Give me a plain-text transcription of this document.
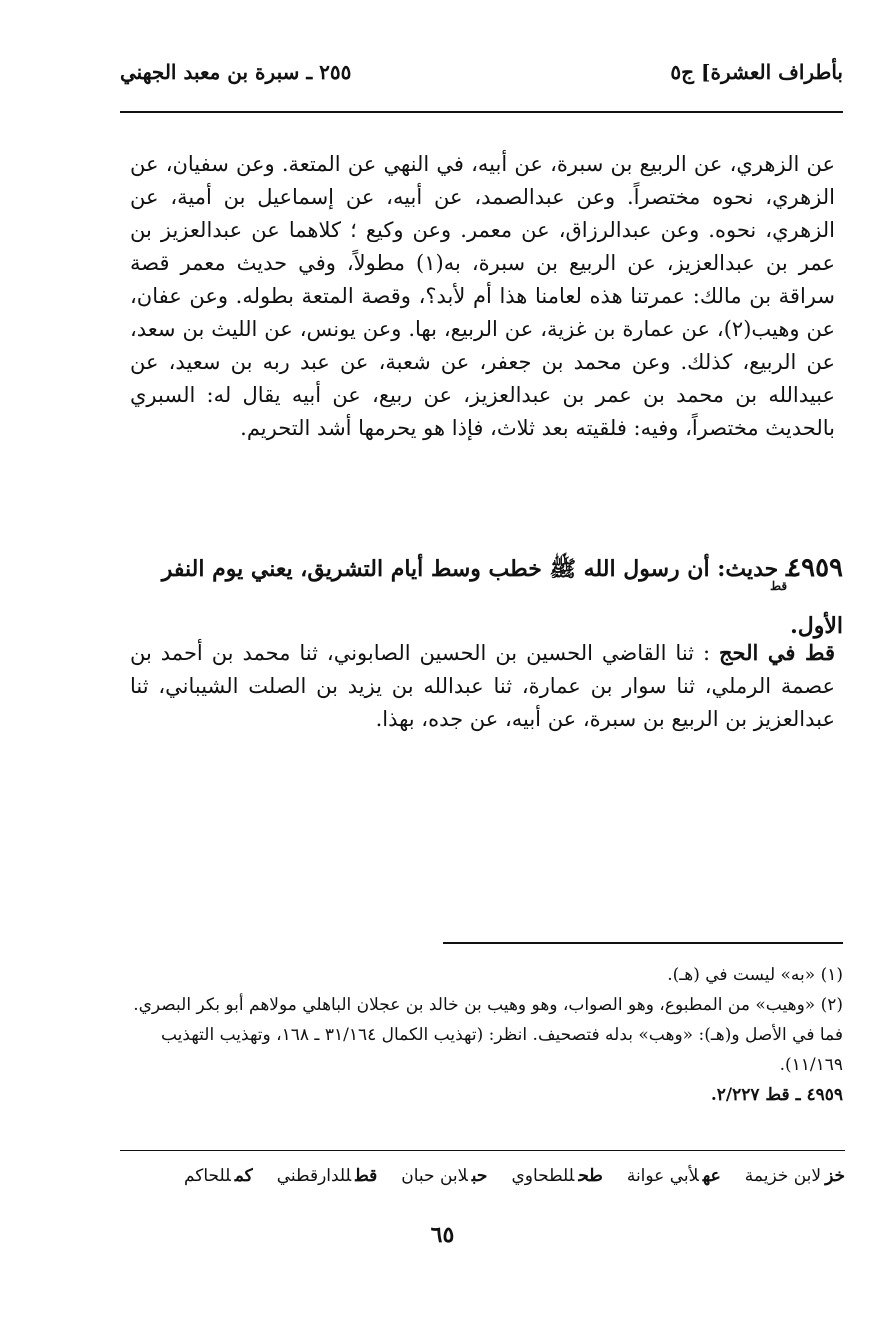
بأطراف العشرة] ج٥
٢٥٥ ـ سبرة بن معبد الجهني
عن الزهري، عن الربيع بن سبرة، عن أبيه، في النهي عن المتعة. وعن سفيان، عن الزهري، نحوه مختصراً. وعن عبدالصمد، عن أبيه، عن إسماعيل بن أمية، عن الزهري، نحوه. وعن عبدالرزاق، عن معمر. وعن وكيع ؛ كلاهما عن عبدالعزيز بن عمر بن عبدالعزيز، عن الربيع بن سبرة، به(١) مطولاً، وفي حديث معمر قصة سراقة بن مالك: عمرتنا هذه لعامنا هذا أم لأبد؟، وقصة المتعة بطوله. وعن عفان، عن وهيب(٢)، عن عمارة بن غزية، عن الربيع، بها. وعن يونس، عن الليث بن سعد، عن الربيع، كذلك. وعن محمد بن جعفر، عن شعبة، عن عبد ربه بن سعيد، عن عبيدالله بن محمد بن عمر بن عبدالعزيز، عن ربيع، عن أبيه يقال له: السبري بالحديث مختصراً، وفيه: فلقيته بعد ثلاث، فإذا هو يحرمها أشد التحريم.
$٤٩٥٩_{قط}$ ـ حديث: أن رسول الله ﷺ خطب وسط أيام التشريق، يعني يوم النفر الأول.
قط في الحج : ثنا القاضي الحسين بن الحسين الصابوني، ثنا محمد بن أحمد بن عصمة الرملي، ثنا سوار بن عمارة، ثنا عبدالله بن يزيد بن الصلت الشيباني، ثنا عبدالعزيز بن الربيع بن سبرة، عن أبيه، عن جده، بهذا.

(١) «به» ليست في (هـ).

(٢) «وهيب» من المطبوع، وهو الصواب، وهو وهيب بن خالد بن عجلان الباهلي مولاهم أبو بكر البصري. فما في الأصل و(هـ): «وهب» بدله فتصحيف. انظر: (تهذيب الكمال ٣١/١٦٤ ـ ١٦٨، وتهذيب التهذيب ١١/١٦٩).

٤٩٥٩ ـ قط ٢/٢٢٧.

خزلابن خزيمة
عهلأبي عوانة
طحللطحاوي
حبلابن حبان
قطللدارقطني
كمللحاكم
٦٥
